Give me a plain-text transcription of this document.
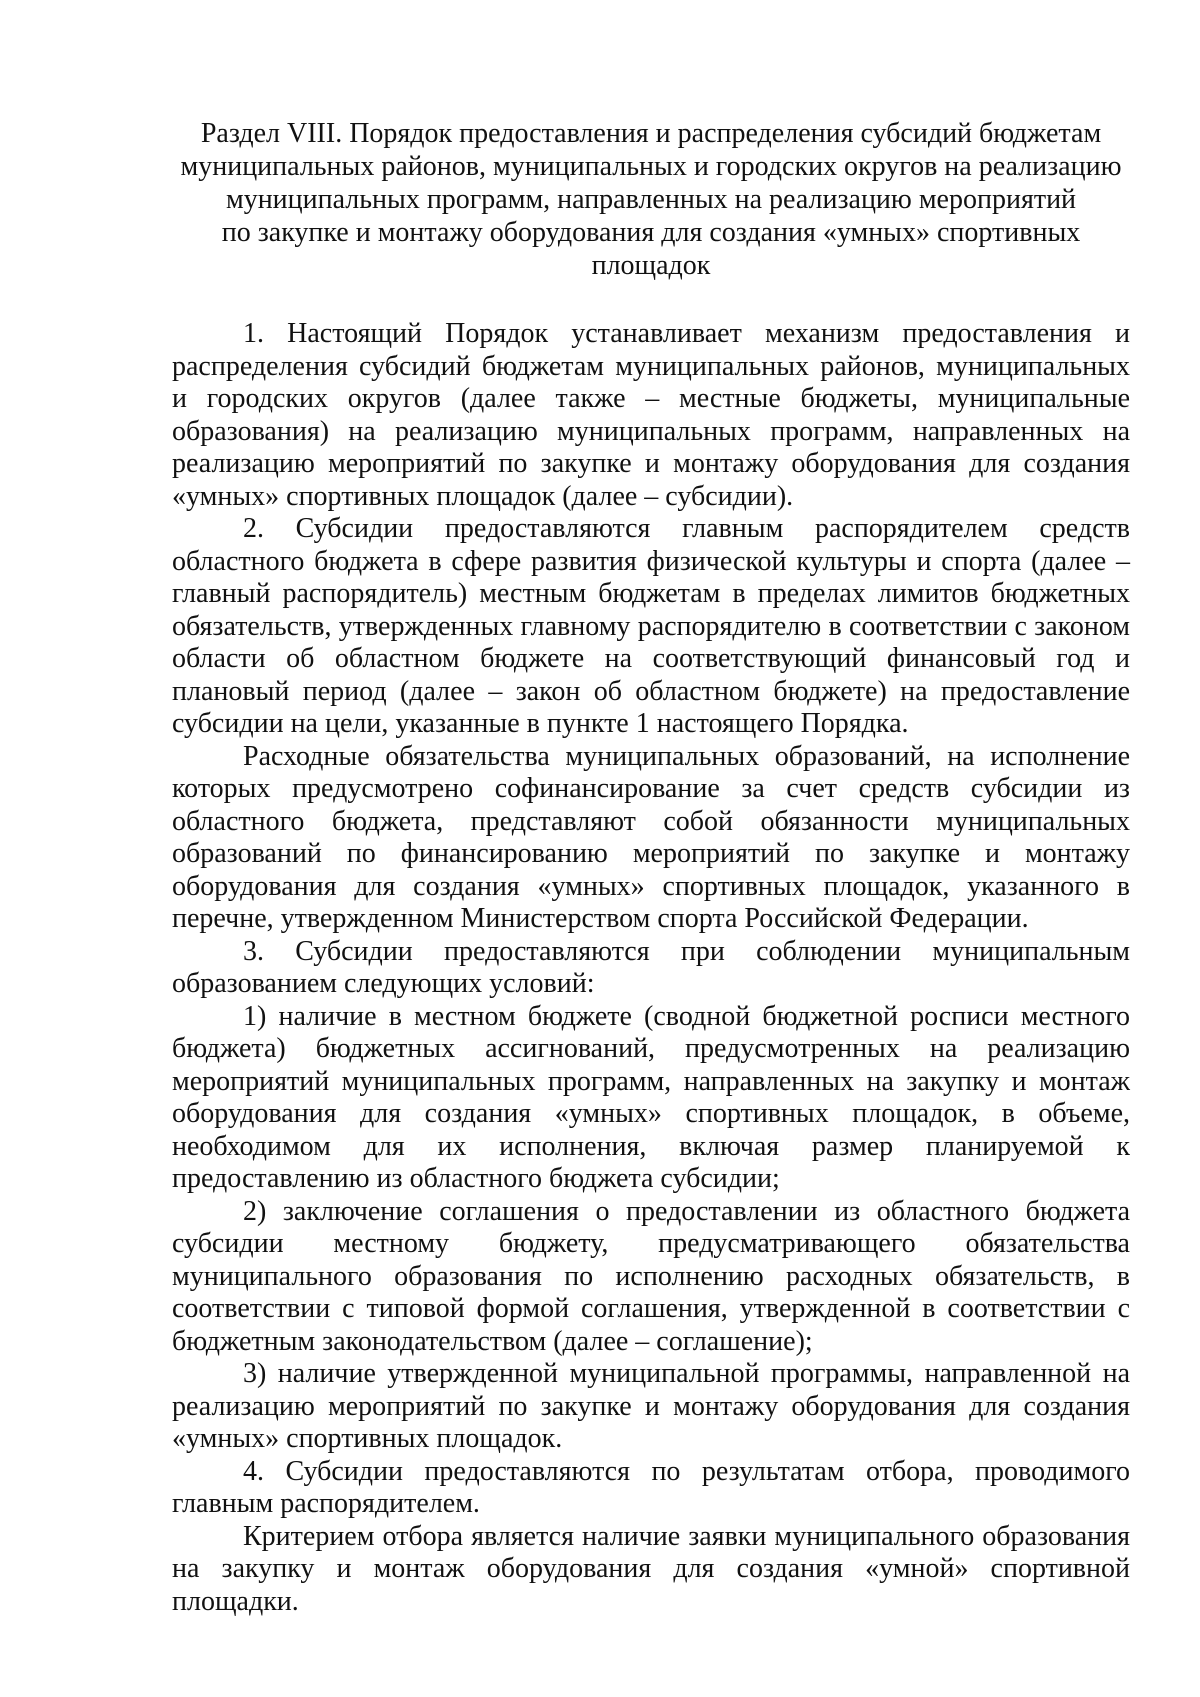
Раздел VIII. Порядок предоставления и распределения субсидий бюджетам
муниципальных районов, муниципальных и городских округов на реализацию
муниципальных программ, направленных на реализацию мероприятий
по закупке и монтажу оборудования для создания «умных» спортивных
площадок

1. Настоящий Порядок устанавливает механизм предоставления и распределения субсидий бюджетам муниципальных районов, муниципальных и городских округов (далее также – местные бюджеты, муниципальные образования) на реализацию муниципальных программ, направленных на реализацию мероприятий по закупке и монтажу оборудования для создания «умных» спортивных площадок (далее – субсидии).

2. Субсидии предоставляются главным распорядителем средств областного бюджета в сфере развития физической культуры и спорта (далее – главный распорядитель) местным бюджетам в пределах лимитов бюджетных обязательств, утвержденных главному распорядителю в соответствии с законом области об областном бюджете на соответствующий финансовый год и плановый период (далее – закон об областном бюджете) на предоставление субсидии на цели, указанные в пункте 1 настоящего Порядка.

Расходные обязательства муниципальных образований, на исполнение которых предусмотрено софинансирование за счет средств субсидии из областного бюджета, представляют собой обязанности муниципальных образований по финансированию мероприятий по закупке и монтажу оборудования для создания «умных» спортивных площадок, указанного в перечне, утвержденном Министерством спорта Российской Федерации.

3. Субсидии предоставляются при соблюдении муниципальным образованием следующих условий:

1) наличие в местном бюджете (сводной бюджетной росписи местного бюджета) бюджетных ассигнований, предусмотренных на реализацию мероприятий муниципальных программ, направленных на закупку и монтаж оборудования для создания «умных» спортивных площадок, в объеме, необходимом для их исполнения, включая размер планируемой к предоставлению из областного бюджета субсидии;

2) заключение соглашения о предоставлении из областного бюджета субсидии местному бюджету, предусматривающего обязательства муниципального образования по исполнению расходных обязательств, в соответствии с типовой формой соглашения, утвержденной в соответствии с бюджетным законодательством (далее – соглашение);

3) наличие утвержденной муниципальной программы, направленной на реализацию мероприятий по закупке и монтажу оборудования для создания «умных» спортивных площадок.

4. Субсидии предоставляются по результатам отбора, проводимого главным распорядителем.

Критерием отбора является наличие заявки муниципального образования на закупку и монтаж оборудования для создания «умной» спортивной площадки.
